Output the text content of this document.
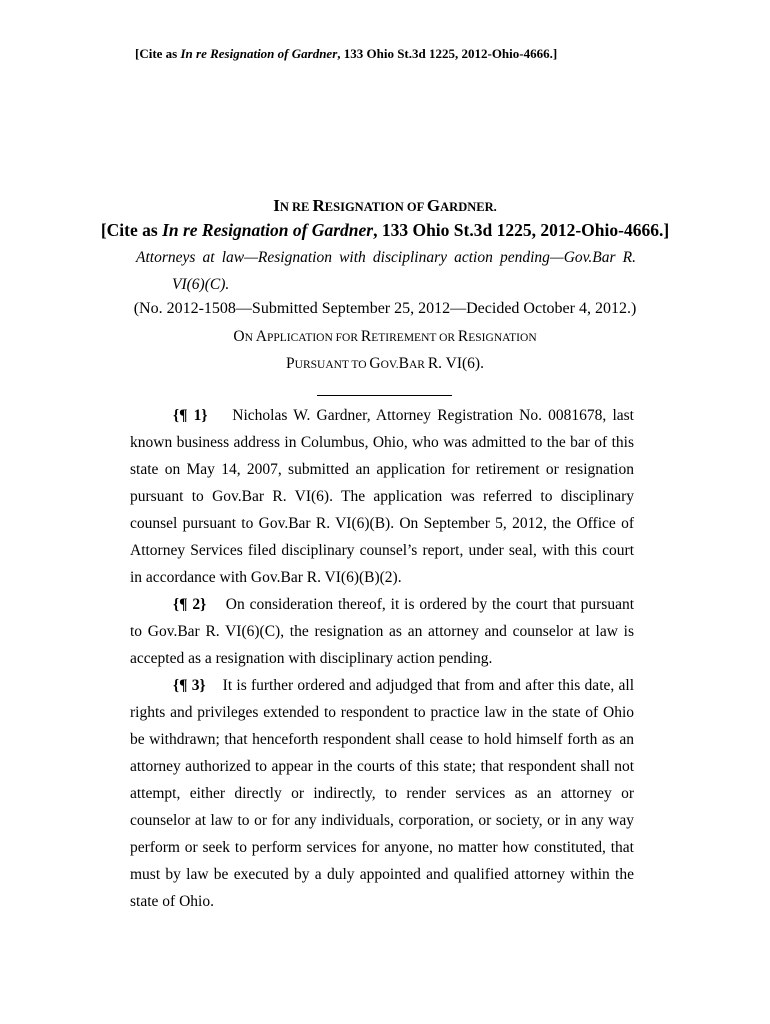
[Cite as In re Resignation of Gardner, 133 Ohio St.3d 1225, 2012-Ohio-4666.]
IN RE RESIGNATION OF GARDNER.
[Cite as In re Resignation of Gardner, 133 Ohio St.3d 1225, 2012-Ohio-4666.]
Attorneys at law—Resignation with disciplinary action pending—Gov.Bar R.
VI(6)(C).
(No. 2012-1508—Submitted September 25, 2012—Decided October 4, 2012.)
ON APPLICATION FOR RETIREMENT OR RESIGNATION
PURSUANT TO GOV.BAR R. VI(6).

{¶ 1} Nicholas W. Gardner, Attorney Registration No. 0081678, last known business address in Columbus, Ohio, who was admitted to the bar of this state on May 14, 2007, submitted an application for retirement or resignation pursuant to Gov.Bar R. VI(6). The application was referred to disciplinary counsel pursuant to Gov.Bar R. VI(6)(B). On September 5, 2012, the Office of Attorney Services filed disciplinary counsel’s report, under seal, with this court in accordance with Gov.Bar R. VI(6)(B)(2).

{¶ 2} On consideration thereof, it is ordered by the court that pursuant to Gov.Bar R. VI(6)(C), the resignation as an attorney and counselor at law is accepted as a resignation with disciplinary action pending.

{¶ 3} It is further ordered and adjudged that from and after this date, all rights and privileges extended to respondent to practice law in the state of Ohio be withdrawn; that henceforth respondent shall cease to hold himself forth as an attorney authorized to appear in the courts of this state; that respondent shall not attempt, either directly or indirectly, to render services as an attorney or counselor at law to or for any individuals, corporation, or society, or in any way perform or seek to perform services for anyone, no matter how constituted, that must by law be executed by a duly appointed and qualified attorney within the state of Ohio.
